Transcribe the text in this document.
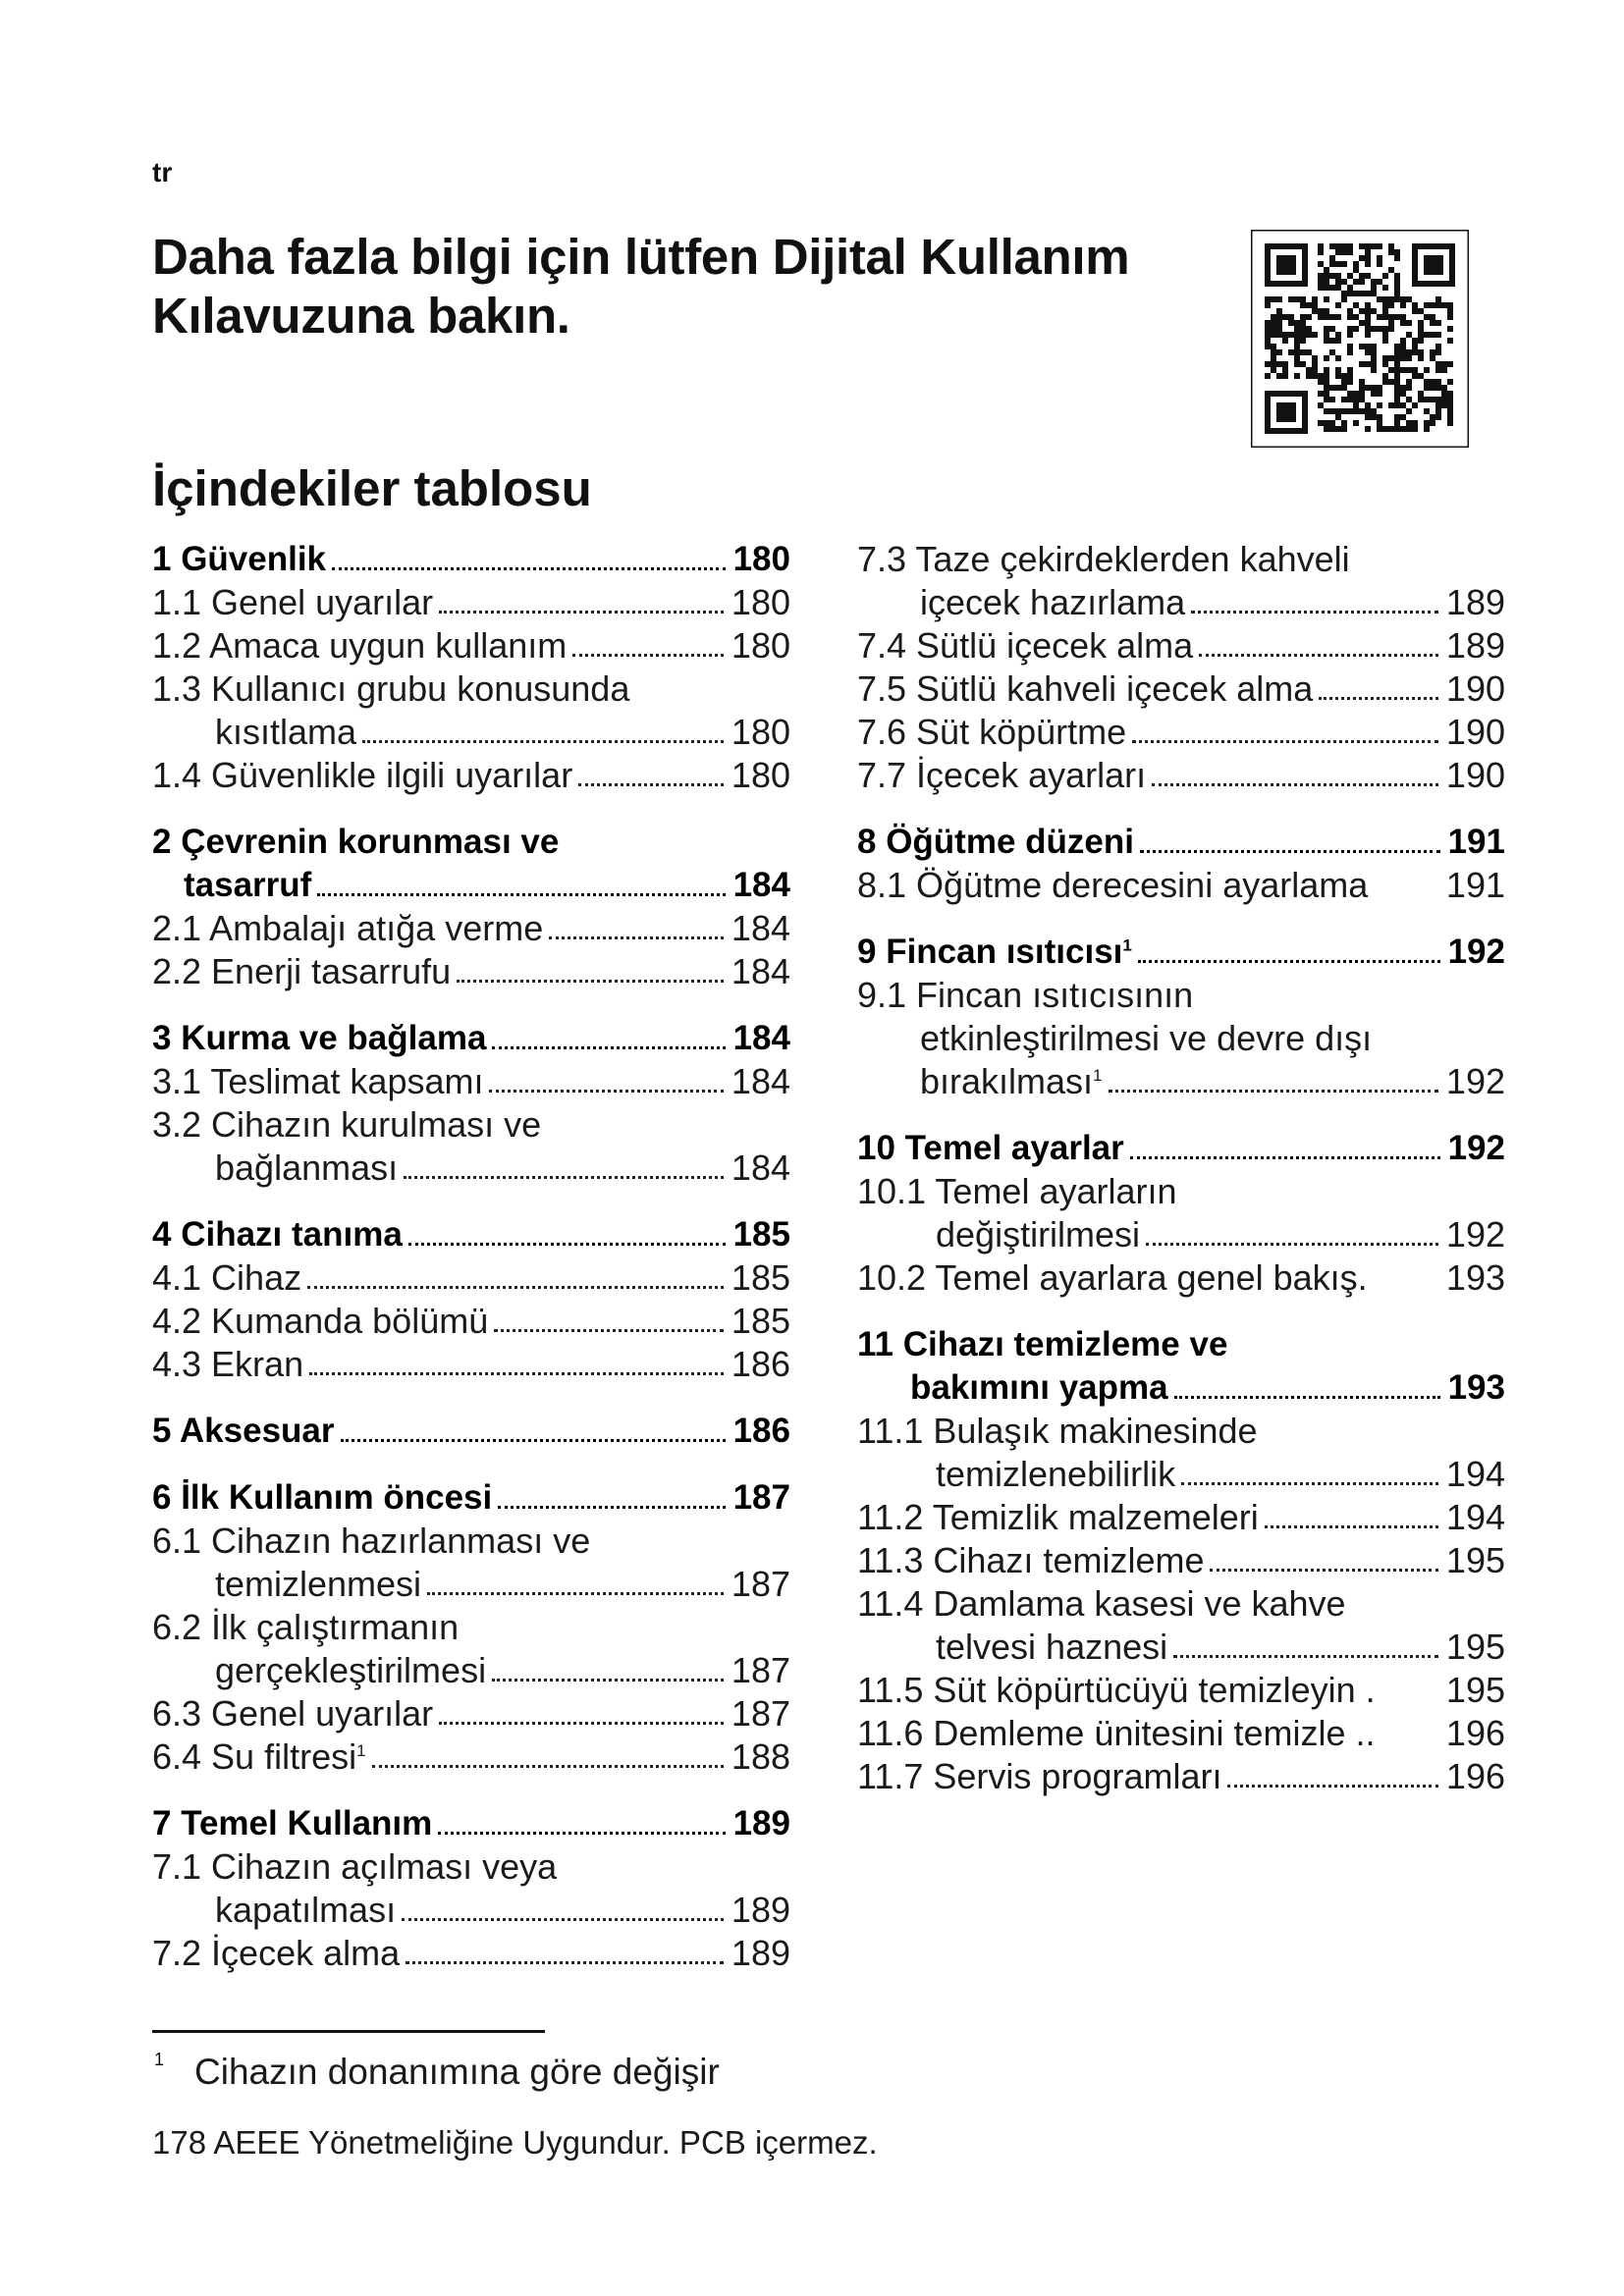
tr
Daha fazla bilgi için lütfen Dijital Kullanım
Kılavuzuna bakın.
İçindekiler tablosu
1 Güvenlik	180
1.1 Genel uyarılar	180
1.2 Amaca uygun kullanım	180
1.3 Kullanıcı grubu konusunda
kısıtlama	180
1.4 Güvenlikle ilgili uyarılar	180
2 Çevrenin korunması ve
tasarruf	184
2.1 Ambalajı atığa verme	184
2.2 Enerji tasarrufu	184
3 Kurma ve bağlama	184
3.1 Teslimat kapsamı	184
3.2 Cihazın kurulması ve
bağlanması	184
4 Cihazı tanıma	185
4.1 Cihaz	185
4.2 Kumanda bölümü	185
4.3 Ekran	186
5 Aksesuar	186
6 İlk Kullanım öncesi	187
6.1 Cihazın hazırlanması ve
temizlenmesi	187
6.2 İlk çalıştırmanın
gerçekleştirilmesi	187
6.3 Genel uyarılar	187
6.4 Su filtresi$^1$	188
7 Temel Kullanım	189
7.1 Cihazın açılması veya
kapatılması	189
7.2 İçecek alma	189
7.3 Taze çekirdeklerden kahveli
içecek hazırlama	189
7.4 Sütlü içecek alma	189
7.5 Sütlü kahveli içecek alma	190
7.6 Süt köpürtme	190
7.7 İçecek ayarları	190
8 Öğütme düzeni	191
8.1 Öğütme derecesini ayarlama 191
9 Fincan ısıtıcısı$^1$	192
9.1 Fincan ısıtıcısının
etkinleştirilmesi ve devre dışı
bırakılması$^1$	192
10 Temel ayarlar	192
10.1 Temel ayarların
değiştirilmesi	192
10.2 Temel ayarlara genel bakış. 193
11 Cihazı temizleme ve
bakımını yapma	193
11.1 Bulaşık makinesinde
temizlenebilirlik	194
11.2 Temizlik malzemeleri	194
11.3 Cihazı temizleme	195
11.4 Damlama kasesi ve kahve
telvesi haznesi	195
11.5 Süt köpürtücüyü temizleyin . 195
11.6 Demleme ünitesini temizle .. 196
11.7 Servis programları	196
1 Cihazın donanımına göre değişir
178 AEEE Yönetmeliğine Uygundur. PCB içermez.
